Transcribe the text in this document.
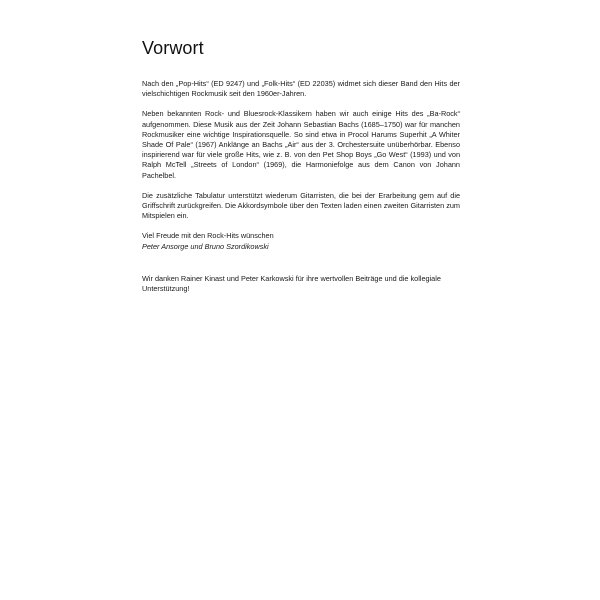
Vorwort

Nach den „Pop-Hits“ (ED 9247) und „Folk-Hits“ (ED 22035) widmet sich dieser Band den Hits der vielschichtigen Rockmusik seit den 1960er-Jahren.

Neben bekannten Rock- und Bluesrock-Klassikern haben wir auch einige Hits des „Ba-Rock“ aufgenommen. Diese Musik aus der Zeit Johann Sebastian Bachs (1685–1750) war für manchen Rockmusiker eine wichtige Inspirationsquelle. So sind etwa in Procol Harums Superhit „A Whiter Shade Of Pale“ (1967) Anklänge an Bachs „Air“ aus der 3. Orchestersuite unüberhörbar. Ebenso inspirierend war für viele große Hits, wie z. B. von den Pet Shop Boys „Go West“ (1993) und von Ralph McTell „Streets of London“ (1969), die Harmoniefolge aus dem Canon von Johann Pachelbel.

Die zusätzliche Tabulatur unterstützt wiederum Gitarristen, die bei der Erarbeitung gern auf die Griffschrift zurückgreifen. Die Akkordsymbole über den Texten laden einen zweiten Gitarristen zum Mitspielen ein.

Viel Freude mit den Rock-Hits wünschen

Peter Ansorge und Bruno Szordikowski

Wir danken Rainer Kinast und Peter Karkowski für ihre wertvollen Beiträge und die kollegiale Unterstützung!
